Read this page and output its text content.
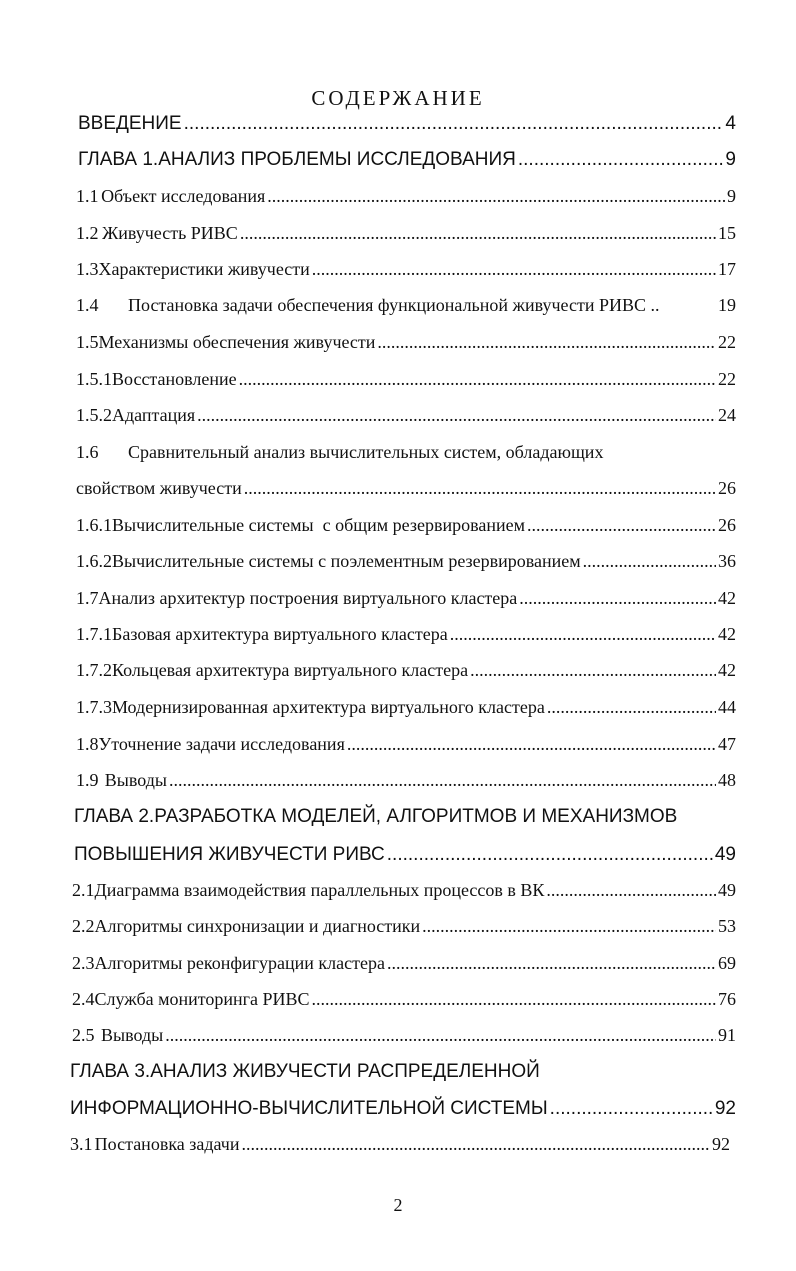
СОДЕРЖАНИЕ
ВВЕДЕНИЕ .....	4
ГЛАВА 1.АНАЛИЗ ПРОБЛЕМЫ ИССЛЕДОВАНИЯ .....	9
1.1 Объект исследования .....	9
1.2 Живучесть РИВС .....	15
1.3 Характеристики живучести .....	17
1.4	Постановка задачи обеспечения функциональной живучести РИВС ..	19
1.5 Механизмы обеспечения живучести .....	22
1.5.1 Восстановление .....	22
1.5.2 Адаптация .....	24
1.6	Сравнительный анализ вычислительных систем, обладающих
свойством живучести .....	26
1.6.1 Вычислительные системы  с общим резервированием .....	26
1.6.2 Вычислительные системы с поэлементным резервированием .....	36
1.7 Анализ архитектур построения виртуального кластера .....	42
1.7.1 Базовая архитектура виртуального кластера .....	42
1.7.2 Кольцевая архитектура виртуального кластера .....	42
1.7.3 Модернизированная архитектура виртуального кластера .....	44
1.8 Уточнение задачи исследования .....	47
1.9 Выводы .....	48
ГЛАВА 2.РАЗРАБОТКА МОДЕЛЕЙ, АЛГОРИТМОВ И МЕХАНИЗМОВ
ПОВЫШЕНИЯ ЖИВУЧЕСТИ РИВС .....	49
2.1 Диаграмма взаимодействия параллельных процессов в ВК .....	49
2.2 Алгоритмы синхронизации и диагностики .....	53
2.3 Алгоритмы реконфигурации кластера .....	69
2.4 Служба мониторинга РИВС .....	76
2.5 Выводы .....	91
ГЛАВА 3.АНАЛИЗ ЖИВУЧЕСТИ РАСПРЕДЕЛЕННОЙ
ИНФОРМАЦИОННО-ВЫЧИСЛИТЕЛЬНОЙ СИСТЕМЫ .....	92
3.1 Постановка задачи .....	92
2
